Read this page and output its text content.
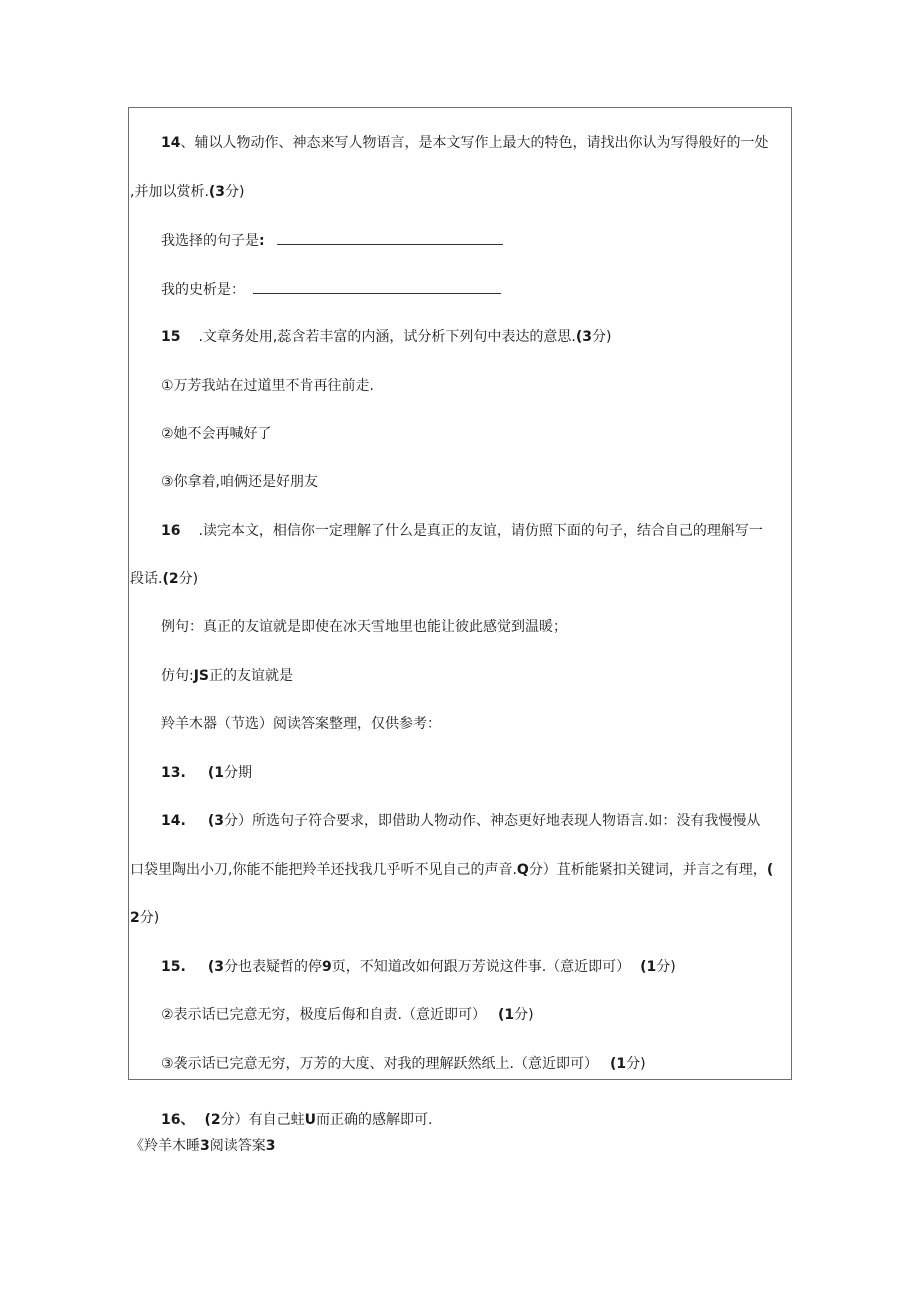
14、辅以人物动作、神态来写人物语言，是本文写作上最大的特色，请找出你认为写得般好的一处
,并加以赏析.(3分)
我选择的句子是:
我的史析是：
15 .文章务处用,蕊含若丰富的内涵，试分析下列句中表达的意思.(3分)
①万芳我站在过道里不肯再往前走.
②她不会再喊好了
③你拿着,咱俩还是好朋友
16 .读完本文，相信你一定理解了什么是真正的友谊，请仿照下面的句子，结合自己的理斛写一
段话.(2分)
例句：真正的友谊就是即使在冰天雪地里也能让彼此感觉到温暖；
仿句:JS正的友谊就是
羚羊木器（节选）阅读答案整理，仅供参考：
13. (1分期
14. (3分）所选句子符合要求，即借助人物动作、神态更好地表现人物语言.如：没有我慢慢从
口袋里陶出小刀,你能不能把羚羊还找我几乎听不见自己的声音.Q分）苴析能紧扣关键词，并言之有理，(
2分)
15. (3分也表疑哲的停9页，不知道改如何跟万芳说这件事.（意近即可） (1分)
②表示话已完意无穷，极度后侮和自责.（意近即可） (1分)
③袭示话已完意无穷，万芳的大度、对我的理解跃然纸上.（意近即可） (1分)
16、 (2分）有自己蛀U而正确的感解即可.
《羚羊木睡3阅读答案3
